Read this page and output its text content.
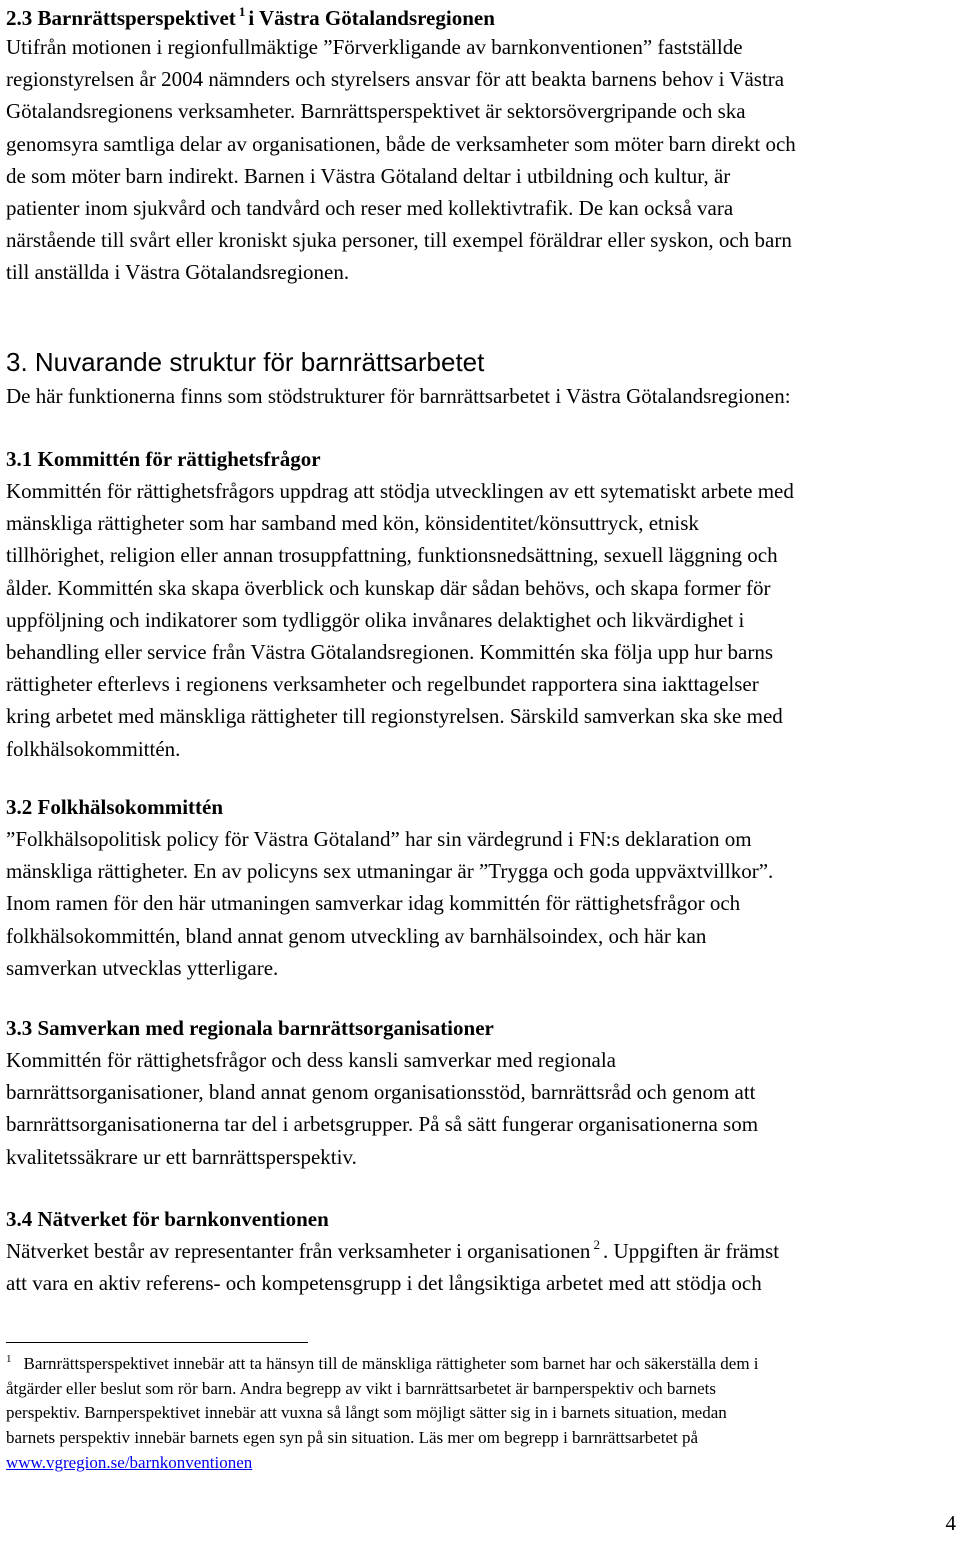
2.3 Barnrättsperspektivet $^1$ i Västra Götalandsregionen
Utifrån motionen i regionfullmäktige ”Förverkligande av barnkonventionen” fastställde
regionstyrelsen år 2004 nämnders och styrelsers ansvar för att beakta barnens behov i Västra
Götalandsregionens verksamheter. Barnrättsperspektivet är sektorsövergripande och ska
genomsyra samtliga delar av organisationen, både de verksamheter som möter barn direkt och
de som möter barn indirekt. Barnen i Västra Götaland deltar i utbildning och kultur, är
patienter inom sjukvård och tandvård och reser med kollektivtrafik. De kan också vara
närstående till svårt eller kroniskt sjuka personer, till exempel föräldrar eller syskon, och barn
till anställda i Västra Götalandsregionen.
3. Nuvarande struktur för barnrättsarbetet
De här funktionerna finns som stödstrukturer för barnrättsarbetet i Västra Götalandsregionen:
3.1 Kommittén för rättighetsfrågor
Kommittén för rättighetsfrågors uppdrag att stödja utvecklingen av ett sytematiskt arbete med
mänskliga rättigheter som har samband med kön, könsidentitet/könsuttryck, etnisk
tillhörighet, religion eller annan trosuppfattning, funktionsnedsättning, sexuell läggning och
ålder. Kommittén ska skapa överblick och kunskap där sådan behövs, och skapa former för
uppföljning och indikatorer som tydliggör olika invånares delaktighet och likvärdighet i
behandling eller service från Västra Götalandsregionen. Kommittén ska följa upp hur barns
rättigheter efterlevs i regionens verksamheter och regelbundet rapportera sina iakttagelser
kring arbetet med mänskliga rättigheter till regionstyrelsen. Särskild samverkan ska ske med
folkhälsokommittén.
3.2 Folkhälsokommittén
”Folkhälsopolitisk policy för Västra Götaland” har sin värdegrund i FN:s deklaration om
mänskliga rättigheter. En av policyns sex utmaningar är ”Trygga och goda uppväxtvillkor”.
Inom ramen för den här utmaningen samverkar idag kommittén för rättighetsfrågor och
folkhälsokommittén, bland annat genom utveckling av barnhälsoindex, och här kan
samverkan utvecklas ytterligare.
3.3 Samverkan med regionala barnrättsorganisationer
Kommittén för rättighetsfrågor och dess kansli samverkar med regionala
barnrättsorganisationer, bland annat genom organisationsstöd, barnrättsråd och genom att
barnrättsorganisationerna tar del i arbetsgrupper. På så sätt fungerar organisationerna som
kvalitetssäkrare ur ett barnrättsperspektiv.
3.4 Nätverket för barnkonventionen
Nätverket består av representanter från verksamheter i organisationen $^2$ . Uppgiften är främst
att vara en aktiv referens- och kompetensgrupp i det långsiktiga arbetet med att stödja och
$^1$ Barnrättsperspektivet innebär att ta hänsyn till de mänskliga rättigheter som barnet har och säkerställa dem i
åtgärder eller beslut som rör barn. Andra begrepp av vikt i barnrättsarbetet är barnperspektiv och barnets
perspektiv. Barnperspektivet innebär att vuxna så långt som möjligt sätter sig in i barnets situation, medan
barnets perspektiv innebär barnets egen syn på sin situation. Läs mer om begrepp i barnrättsarbetet på
www.vgregion.se/barnkonventionen
4
